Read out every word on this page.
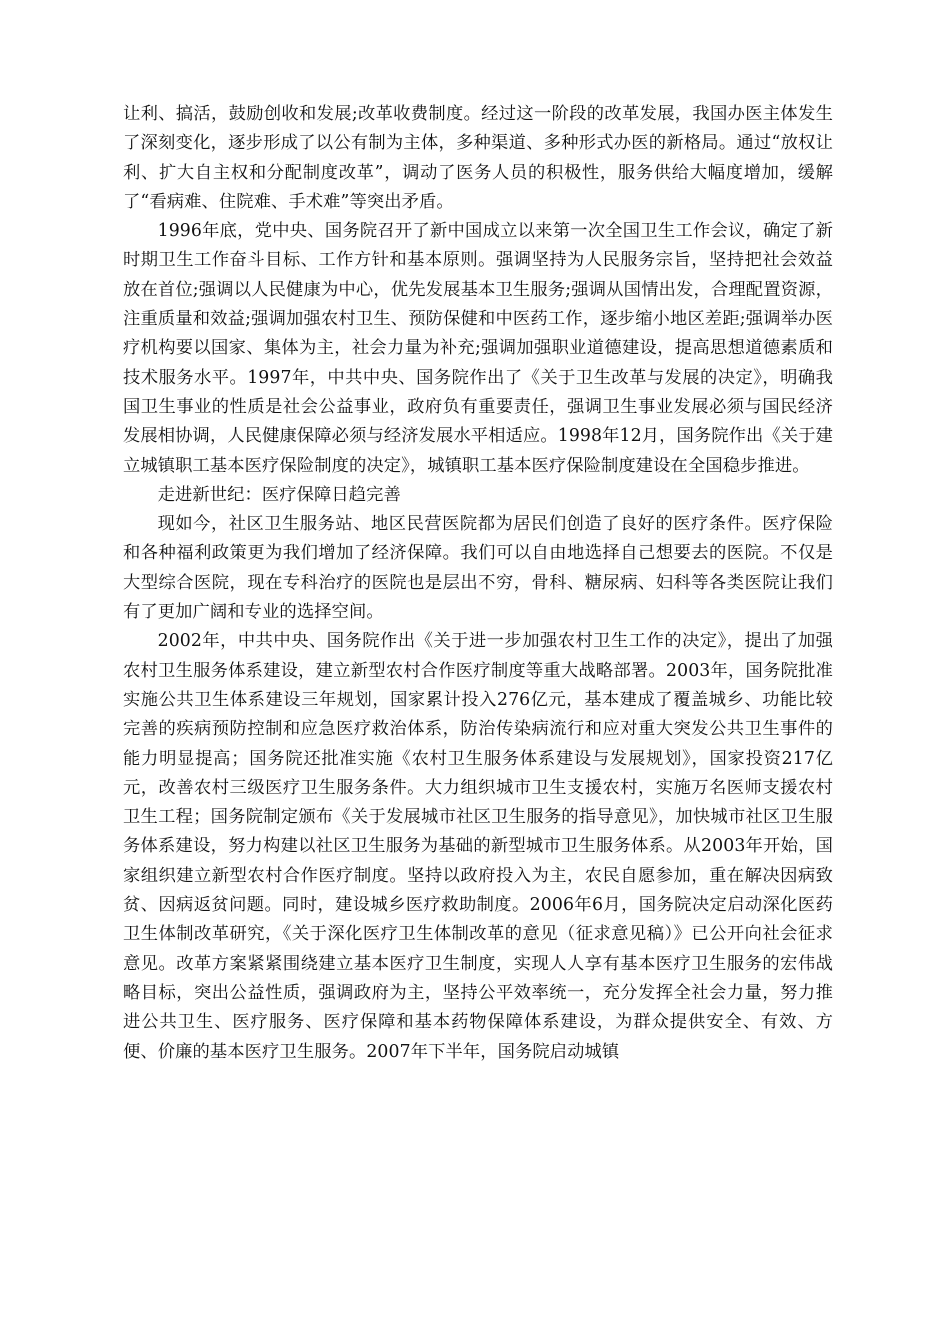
让利、搞活，鼓励创收和发展;改革收费制度。经过这一阶段的改革发展，我国办医主体发生了深刻变化，逐步形成了以公有制为主体，多种渠道、多种形式办医的新格局。通过“放权让利、扩大自主权和分配制度改革”，调动了医务人员的积极性，服务供给大幅度增加，缓解了“看病难、住院难、手术难”等突出矛盾。

1996年底，党中央、国务院召开了新中国成立以来第一次全国卫生工作会议，确定了新时期卫生工作奋斗目标、工作方针和基本原则。强调坚持为人民服务宗旨，坚持把社会效益放在首位;强调以人民健康为中心，优先发展基本卫生服务;强调从国情出发，合理配置资源，注重质量和效益;强调加强农村卫生、预防保健和中医药工作，逐步缩小地区差距;强调举办医疗机构要以国家、集体为主，社会力量为补充;强调加强职业道德建设，提高思想道德素质和技术服务水平。1997年，中共中央、国务院作出了《关于卫生改革与发展的决定》，明确我国卫生事业的性质是社会公益事业，政府负有重要责任，强调卫生事业发展必须与国民经济发展相协调，人民健康保障必须与经济发展水平相适应。1998年12月，国务院作出《关于建立城镇职工基本医疗保险制度的决定》，城镇职工基本医疗保险制度建设在全国稳步推进。

走进新世纪：医疗保障日趋完善

现如今，社区卫生服务站、地区民营医院都为居民们创造了良好的医疗条件。医疗保险和各种福利政策更为我们增加了经济保障。我们可以自由地选择自己想要去的医院。不仅是大型综合医院，现在专科治疗的医院也是层出不穷，骨科、糖尿病、妇科等各类医院让我们有了更加广阔和专业的选择空间。

2002年，中共中央、国务院作出《关于进一步加强农村卫生工作的决定》，提出了加强农村卫生服务体系建设，建立新型农村合作医疗制度等重大战略部署。2003年，国务院批准实施公共卫生体系建设三年规划，国家累计投入276亿元，基本建成了覆盖城乡、功能比较完善的疾病预防控制和应急医疗救治体系，防治传染病流行和应对重大突发公共卫生事件的能力明显提高；国务院还批准实施《农村卫生服务体系建设与发展规划》，国家投资217亿元，改善农村三级医疗卫生服务条件。大力组织城市卫生支援农村，实施万名医师支援农村卫生工程；国务院制定颁布《关于发展城市社区卫生服务的指导意见》，加快城市社区卫生服务体系建设，努力构建以社区卫生服务为基础的新型城市卫生服务体系。从2003年开始，国家组织建立新型农村合作医疗制度。坚持以政府投入为主，农民自愿参加，重在解决因病致贫、因病返贫问题。同时，建设城乡医疗救助制度。2006年6月，国务院决定启动深化医药卫生体制改革研究，《关于深化医疗卫生体制改革的意见（征求意见稿）》已公开向社会征求意见。改革方案紧紧围绕建立基本医疗卫生制度，实现人人享有基本医疗卫生服务的宏伟战略目标，突出公益性质，强调政府为主，坚持公平效率统一，充分发挥全社会力量，努力推进公共卫生、医疗服务、医疗保障和基本药物保障体系建设，为群众提供安全、有效、方便、价廉的基本医疗卫生服务。2007年下半年，国务院启动城镇
